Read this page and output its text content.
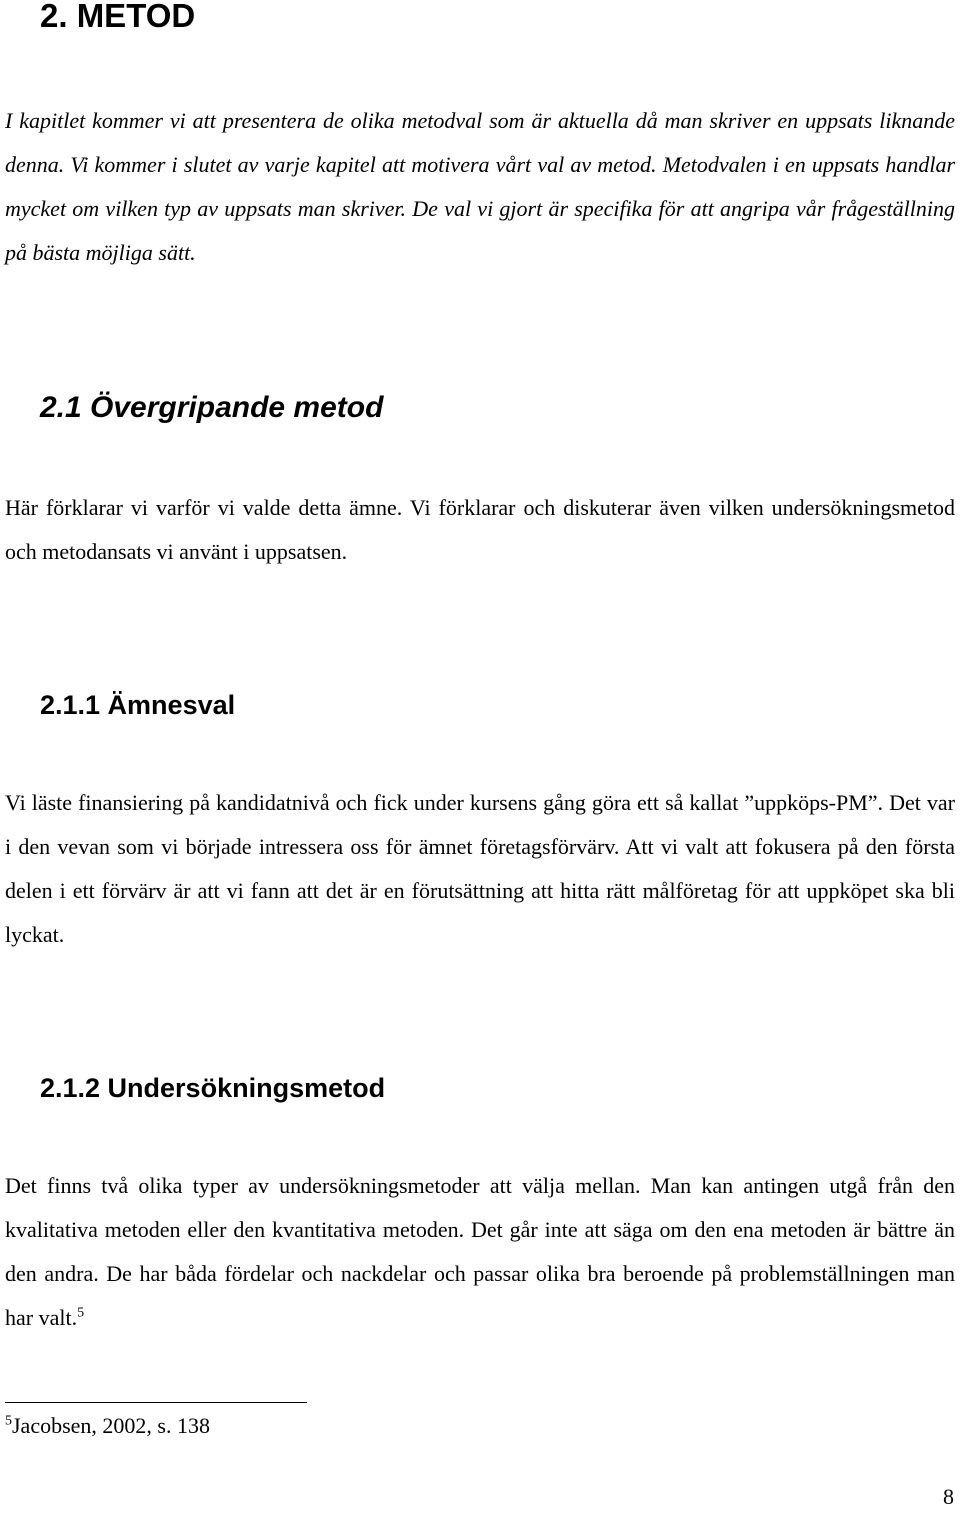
2. METOD

I kapitlet kommer vi att presentera de olika metodval som är aktuella då man skriver en uppsats liknande denna. Vi kommer i slutet av varje kapitel att motivera vårt val av metod. Metodvalen i en uppsats handlar mycket om vilken typ av uppsats man skriver. De val vi gjort är specifika för att angripa vår frågeställning på bästa möjliga sätt.

2.1 Övergripande metod

Här förklarar vi varför vi valde detta ämne. Vi förklarar och diskuterar även vilken undersökningsmetod och metodansats vi använt i uppsatsen.

2.1.1 Ämnesval

Vi läste finansiering på kandidatnivå och fick under kursens gång göra ett så kallat ”uppköps-PM”. Det var i den vevan som vi började intressera oss för ämnet företagsförvärv. Att vi valt att fokusera på den första delen i ett förvärv är att vi fann att det är en förutsättning att hitta rätt målföretag för att uppköpet ska bli lyckat.

2.1.2 Undersökningsmetod

Det finns två olika typer av undersökningsmetoder att välja mellan. Man kan antingen utgå från den kvalitativa metoden eller den kvantitativa metoden. Det går inte att säga om den ena metoden är bättre än den andra. De har båda fördelar och nackdelar och passar olika bra beroende på problemställningen man har valt.$^5$

$^5$Jacobsen, 2002, s. 138
8
